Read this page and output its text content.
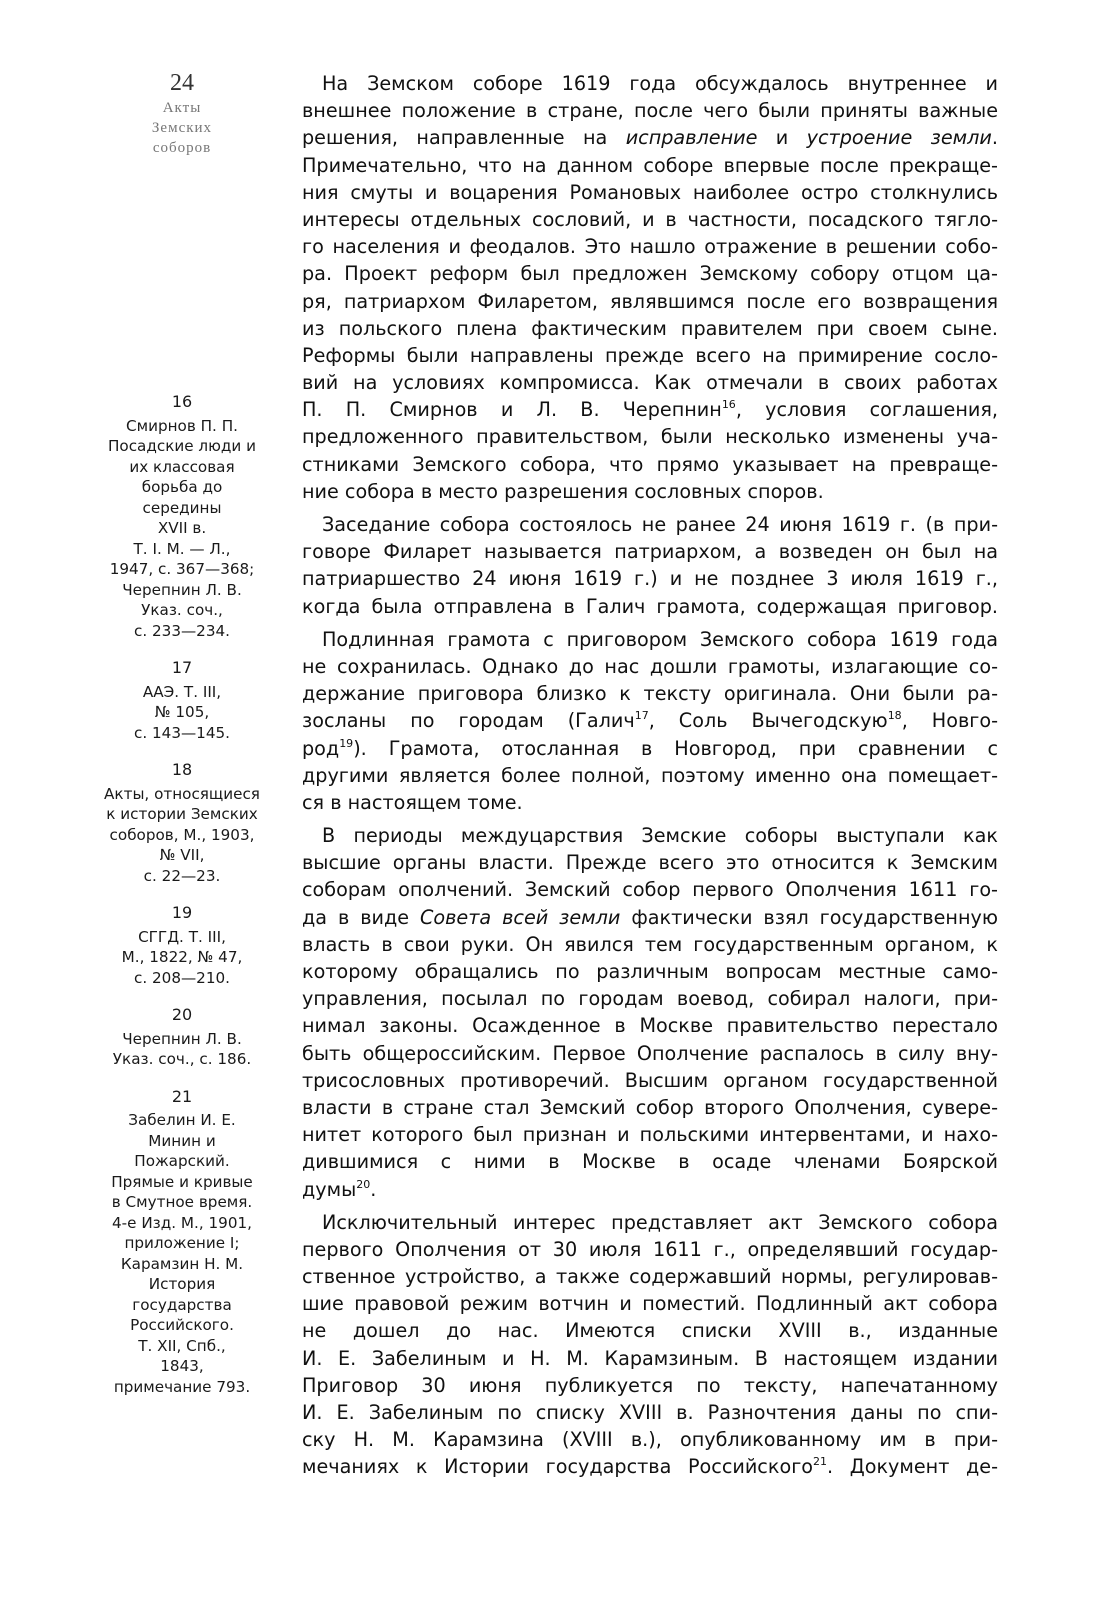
24
Акты
Земских
соборов
16
Смирнов П. П.
Посадские люди и
их классовая
борьба до
середины
XVII в.
Т. I. М. — Л.,
1947, с. 367—368;
Черепнин Л. В.
Указ. соч.,
с. 233—234.
17
ААЭ. Т. III,
№ 105,
с. 143—145.
18
Акты, относящиеся
к истории Земских
соборов, М., 1903,
№ VII,
с. 22—23.
19
СГГД. Т. III,
М., 1822, № 47,
с. 208—210.
20
Черепнин Л. В.
Указ. соч., с. 186.
21
Забелин И. Е.
Минин и
Пожарский.
Прямые и кривые
в Смутное время.
4-е Изд. М., 1901,
приложение I;
Карамзин Н. М.
История
государства
Российского.
Т. XII, Спб.,
1843,
примечание 793.
На Земском соборе 1619 года обсуждалось внутреннее и
внешнее положение в стране, после чего были приняты важные
решения, направленные на исправление и устроение земли.
Примечательно, что на данном соборе впервые после прекраще-
ния смуты и воцарения Романовых наиболее остро столкнулись
интересы отдельных сословий, и в частности, посадского тягло-
го населения и феодалов. Это нашло отражение в решении собо-
ра. Проект реформ был предложен Земскому собору отцом ца-
ря, патриархом Филаретом, являвшимся после его возвращения
из польского плена фактическим правителем при своем сыне.
Реформы были направлены прежде всего на примирение сосло-
вий на условиях компромисса. Как отмечали в своих работах
П. П. Смирнов и Л. В. Черепнин$^{16}$, условия соглашения,
предложенного правительством, были несколько изменены уча-
стниками Земского собора, что прямо указывает на превраще-
ние собора в место разрешения сословных споров.
Заседание собора состоялось не ранее 24 июня 1619 г. (в при-
говоре Филарет называется патриархом, а возведен он был на
патриаршество 24 июня 1619 г.) и не позднее 3 июля 1619 г.,
когда была отправлена в Галич грамота, содержащая приговор.
Подлинная грамота с приговором Земского собора 1619 года
не сохранилась. Однако до нас дошли грамоты, излагающие со-
держание приговора близко к тексту оригинала. Они были ра-
зосланы по городам (Галич$^{17}$, Соль Вычегодскую$^{18}$, Новго-
род$^{19}$). Грамота, отосланная в Новгород, при сравнении с
другими является более полной, поэтому именно она помещает-
ся в настоящем томе.
В периоды междуцарствия Земские соборы выступали как
высшие органы власти. Прежде всего это относится к Земским
соборам ополчений. Земский собор первого Ополчения 1611 го-
да в виде Совета всей земли фактически взял государственную
власть в свои руки. Он явился тем государственным органом, к
которому обращались по различным вопросам местные само-
управления, посылал по городам воевод, собирал налоги, при-
нимал законы. Осажденное в Москве правительство перестало
быть общероссийским. Первое Ополчение распалось в силу вну-
трисословных противоречий. Высшим органом государственной
власти в стране стал Земский собор второго Ополчения, сувере-
нитет которого был признан и польскими интервентами, и нахо-
дившимися с ними в Москве в осаде членами Боярской
думы$^{20}$.
Исключительный интерес представляет акт Земского собора
первого Ополчения от 30 июля 1611 г., определявший государ-
ственное устройство, а также содержавший нормы, регулировав-
шие правовой режим вотчин и поместий. Подлинный акт собора
не дошел до нас. Имеются списки XVIII в., изданные
И. Е. Забелиным и Н. М. Карамзиным. В настоящем издании
Приговор 30 июня публикуется по тексту, напечатанному
И. Е. Забелиным по списку XVIII в. Разночтения даны по спи-
ску Н. М. Карамзина (XVIII в.), опубликованному им в при-
мечаниях к Истории государства Российского$^{21}$. Документ де-
